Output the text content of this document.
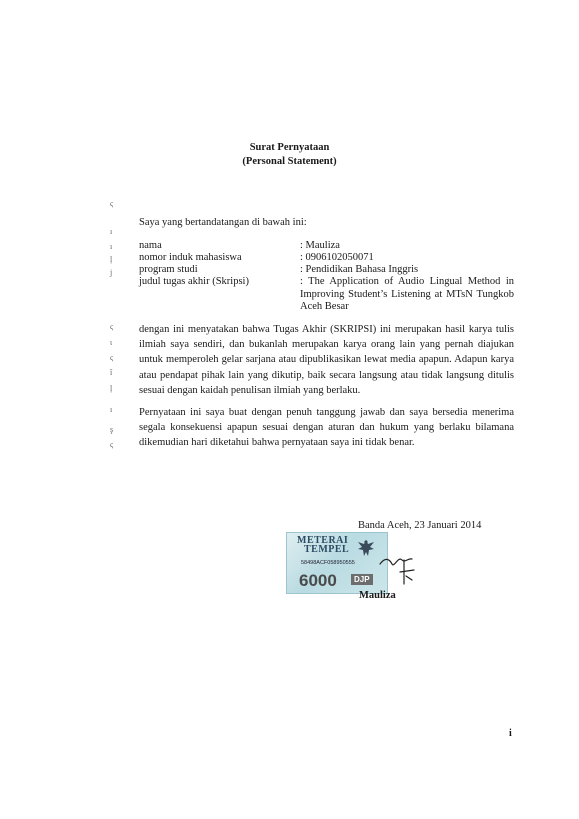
Surat Pernyataan
(Personal Statement)
ς
ı
ı
ļ
j
ς
ι
ς
ǐ
ļ
ı
ş
ς
Saya yang bertandatangan di bawah ini:
nama	: Mauliza
nomor induk mahasiswa	: 0906102050071
program studi	: Pendidikan Bahasa Inggris
judul tugas akhir (Skripsi)	: The Application of Audio Lingual Method in Improving Student’s Listening at MTsN Tungkob Aceh Besar
dengan ini menyatakan bahwa Tugas Akhir (SKRIPSI) ini merupakan hasil karya tulis ilmiah saya sendiri, dan bukanlah merupakan karya orang lain yang pernah diajukan untuk memperoleh gelar sarjana atau dipublikasikan lewat media apapun. Adapun karya atau pendapat pihak lain yang dikutip, baik secara langsung atau tidak langsung ditulis sesuai dengan kaidah penulisan ilmiah yang berlaku.
Pernyataan ini saya buat dengan penuh tanggung jawab dan saya bersedia menerima segala konsekuensi apapun sesuai dengan aturan dan hukum yang berlaku bilamana dikemudian hari diketahui bahwa pernyataan saya ini tidak benar.
Banda Aceh, 23 Januari 2014
METERAI
TEMPEL
58498ACF058950555
6000	DJP
Mauliza
i
